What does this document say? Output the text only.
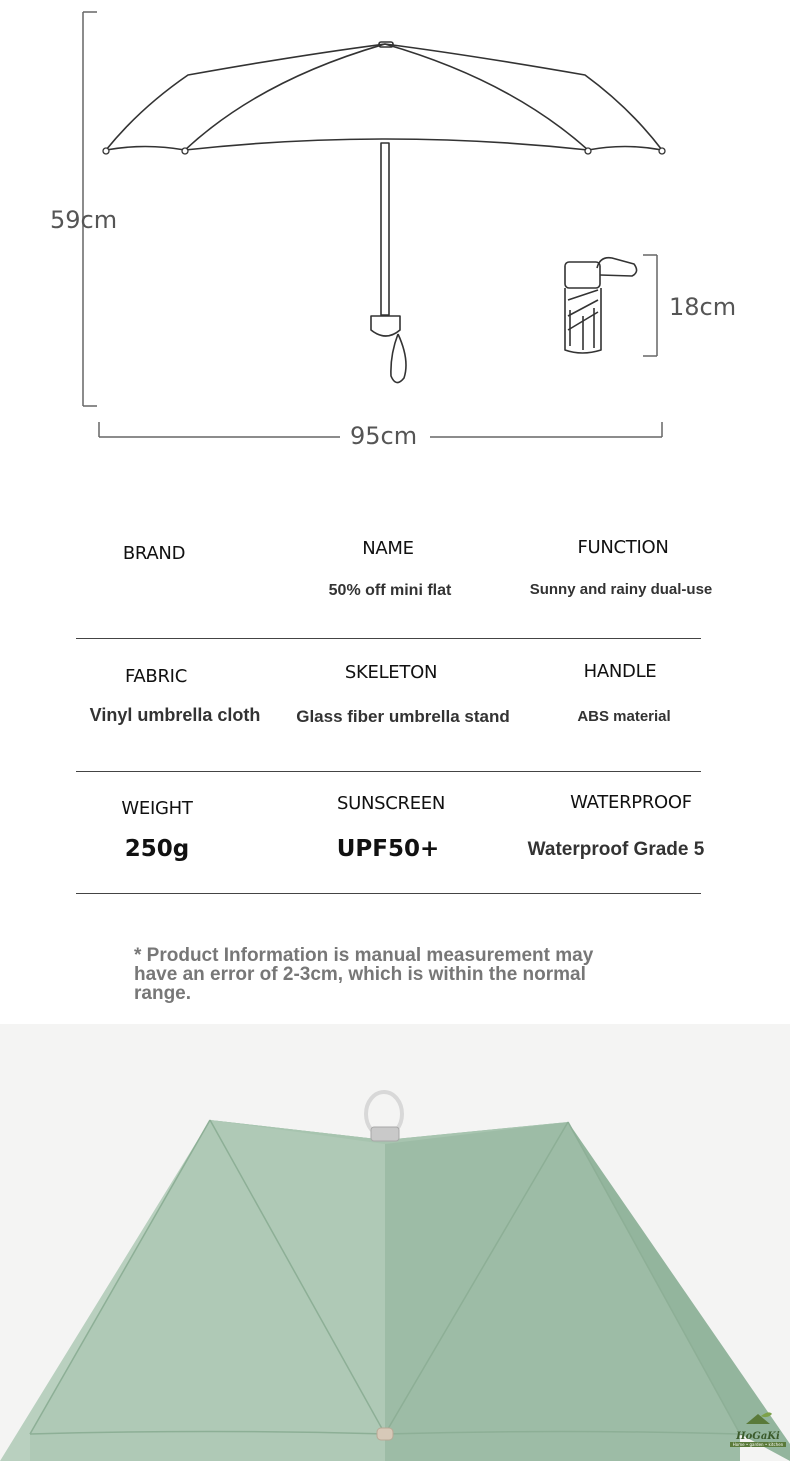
59cm
95cm
18cm
BRAND	NAME
50% off mini flat
FUNCTION
Sunny and rainy dual-use
FABRIC
Vinyl umbrella cloth
SKELETON
Glass fiber umbrella stand
HANDLE
ABS material
WEIGHT
250g
SUNSCREEN
UPF50+
WATERPROOF
Waterproof Grade 5
* Product Information is manual measurement may have an error of 2-3cm, which is within the normal range.
HoGaKi
Home • garden • kitchen
